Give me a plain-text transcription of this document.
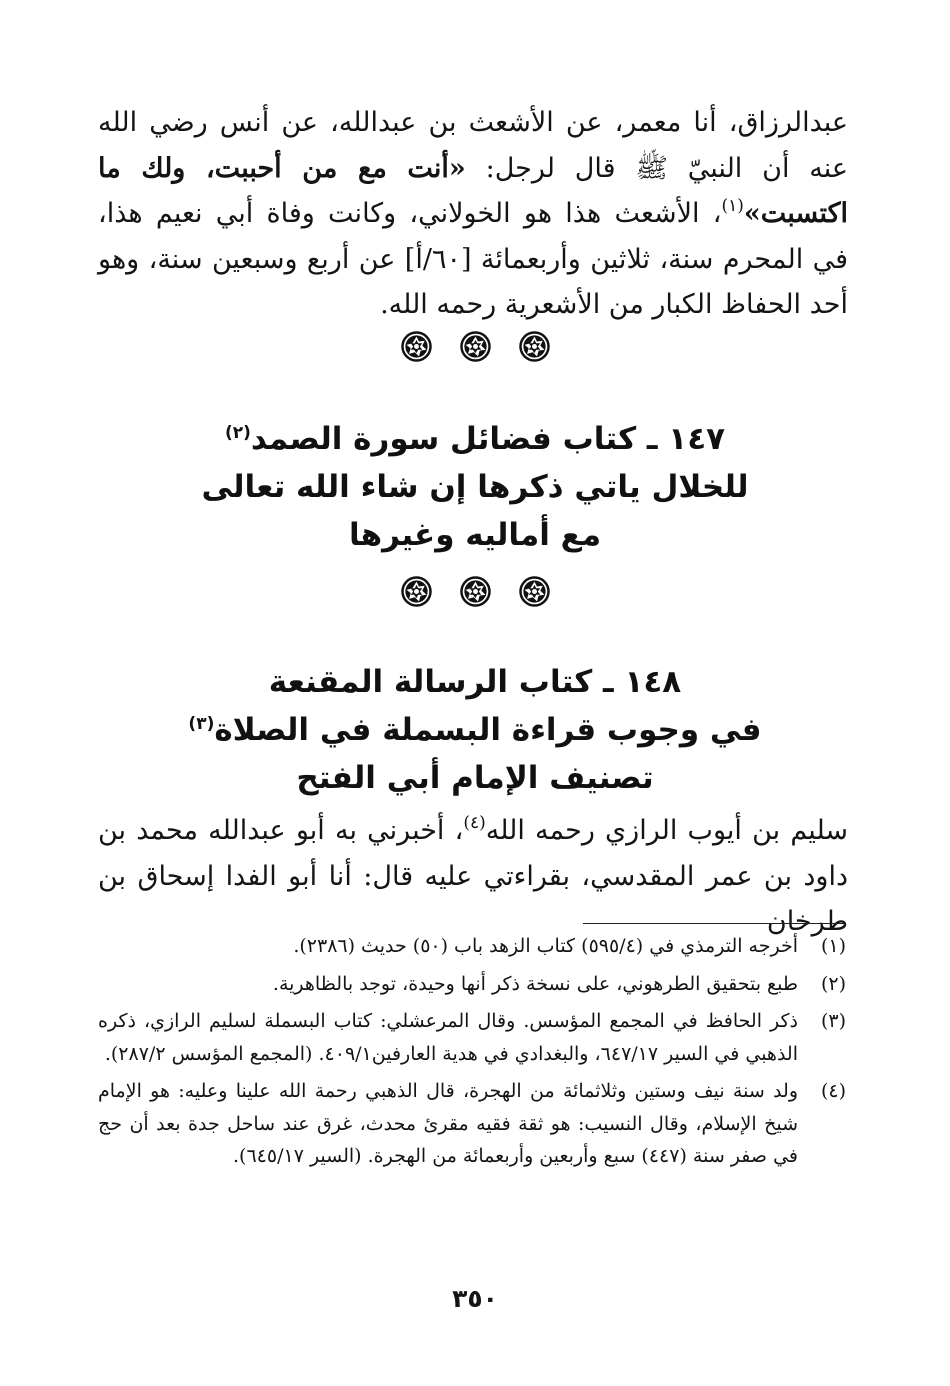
عبدالرزاق، أنا معمر، عن الأشعث بن عبدالله، عن أنس رضي الله عنه أن النبيّ ﷺ قال لرجل: «أنت مع من أحببت، ولك ما اكتسبت»$^{(١)}$، الأشعث هذا هو الخولاني، وكانت وفاة أبي نعيم هذا، في المحرم سنة، ثلاثين وأربعمائة [٦٠/أ] عن أربع وسبعين سنة، وهو أحد الحفاظ الكبار من الأشعرية رحمه الله.
١٤٧ ـ كتاب فضائل سورة الصمد$^{(٢)}$
للخلال ياتي ذكرها إن شاء الله تعالى
مع أماليه وغيرها
١٤٨ ـ كتاب الرسالة المقنعة
في وجوب قراءة البسملة في الصلاة$^{(٣)}$
تصنيف الإمام أبي الفتح
سليم بن أيوب الرازي رحمه الله$^{(٤)}$، أخبرني به أبو عبدالله محمد بن داود بن عمر المقدسي، بقراءتي عليه قال: أنا أبو الفدا إسحاق بن طرخان
(١)
أخرجه الترمذي في (٥٩٥/٤) كتاب الزهد باب (٥٠) حديث (٢٣٨٦).
(٢)
طبع بتحقيق الطرهوني، على نسخة ذكر أنها وحيدة، توجد بالظاهرية.
(٣)
ذكر الحافظ في المجمع المؤسس. وقال المرعشلي: كتاب البسملة لسليم الرازي، ذكره الذهبي في السير ٦٤٧/١٧، والبغدادي في هدية العارفين٤٠٩/١. (المجمع المؤسس ٢٨٧/٢).
(٤)
ولد سنة نيف وستين وثلاثمائة من الهجرة، قال الذهبي رحمة الله علينا وعليه: هو الإمام شيخ الإسلام، وقال النسيب: هو ثقة فقيه مقرئ محدث، غرق عند ساحل جدة بعد أن حج في صفر سنة (٤٤٧) سبع وأربعين وأربعمائة من الهجرة. (السير ٦٤٥/١٧).
٣٥٠
